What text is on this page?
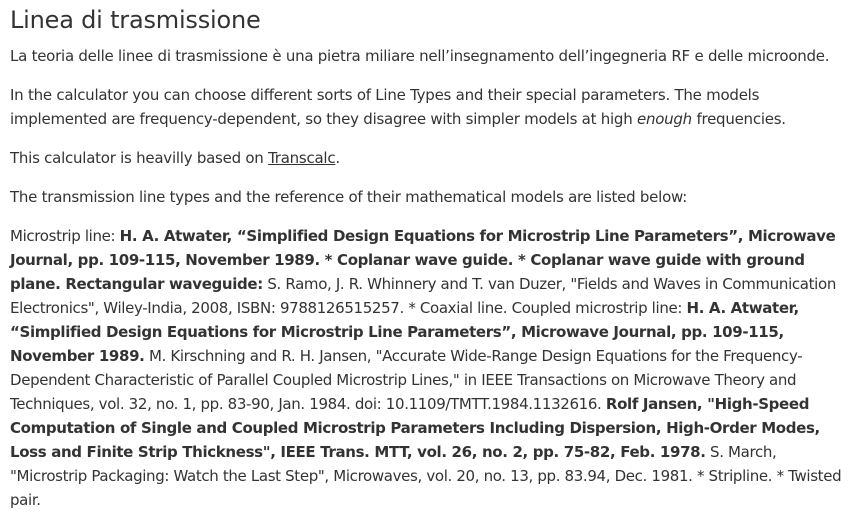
Linea di trasmissione

La teoria delle linee di trasmissione è una pietra miliare nell’insegnamento dell’ingegneria RF e delle microonde.

In the calculator you can choose different sorts of Line Types and their special parameters. The models implemented are frequency-dependent, so they disagree with simpler models at high enough frequencies.

This calculator is heavilly based on Transcalc.

The transmission line types and the reference of their mathematical models are listed below:

Microstrip line: H. A. Atwater, “Simplified Design Equations for Microstrip Line Parameters”, Microwave Journal, pp. 109-115, November 1989. * Coplanar wave guide. * Coplanar wave guide with ground plane. Rectangular waveguide: S. Ramo, J. R. Whinnery and T. van Duzer, "Fields and Waves in Communication Electronics", Wiley-India, 2008, ISBN: 9788126515257. * Coaxial line. Coupled microstrip line: H. A. Atwater, “Simplified Design Equations for Microstrip Line Parameters”, Microwave Journal, pp. 109-115, November 1989. M. Kirschning and R. H. Jansen, "Accurate Wide-Range Design Equations for the Frequency-Dependent Characteristic of Parallel Coupled Microstrip Lines," in IEEE Transactions on Microwave Theory and Techniques, vol. 32, no. 1, pp. 83-90, Jan. 1984. doi: 10.1109/TMTT.1984.1132616. Rolf Jansen, "High-Speed Computation of Single and Coupled Microstrip Parameters Including Dispersion, High-Order Modes, Loss and Finite Strip Thickness", IEEE Trans. MTT, vol. 26, no. 2, pp. 75-82, Feb. 1978. S. March, "Microstrip Packaging: Watch the Last Step", Microwaves, vol. 20, no. 13, pp. 83.94, Dec. 1981. * Stripline. * Twisted pair.
